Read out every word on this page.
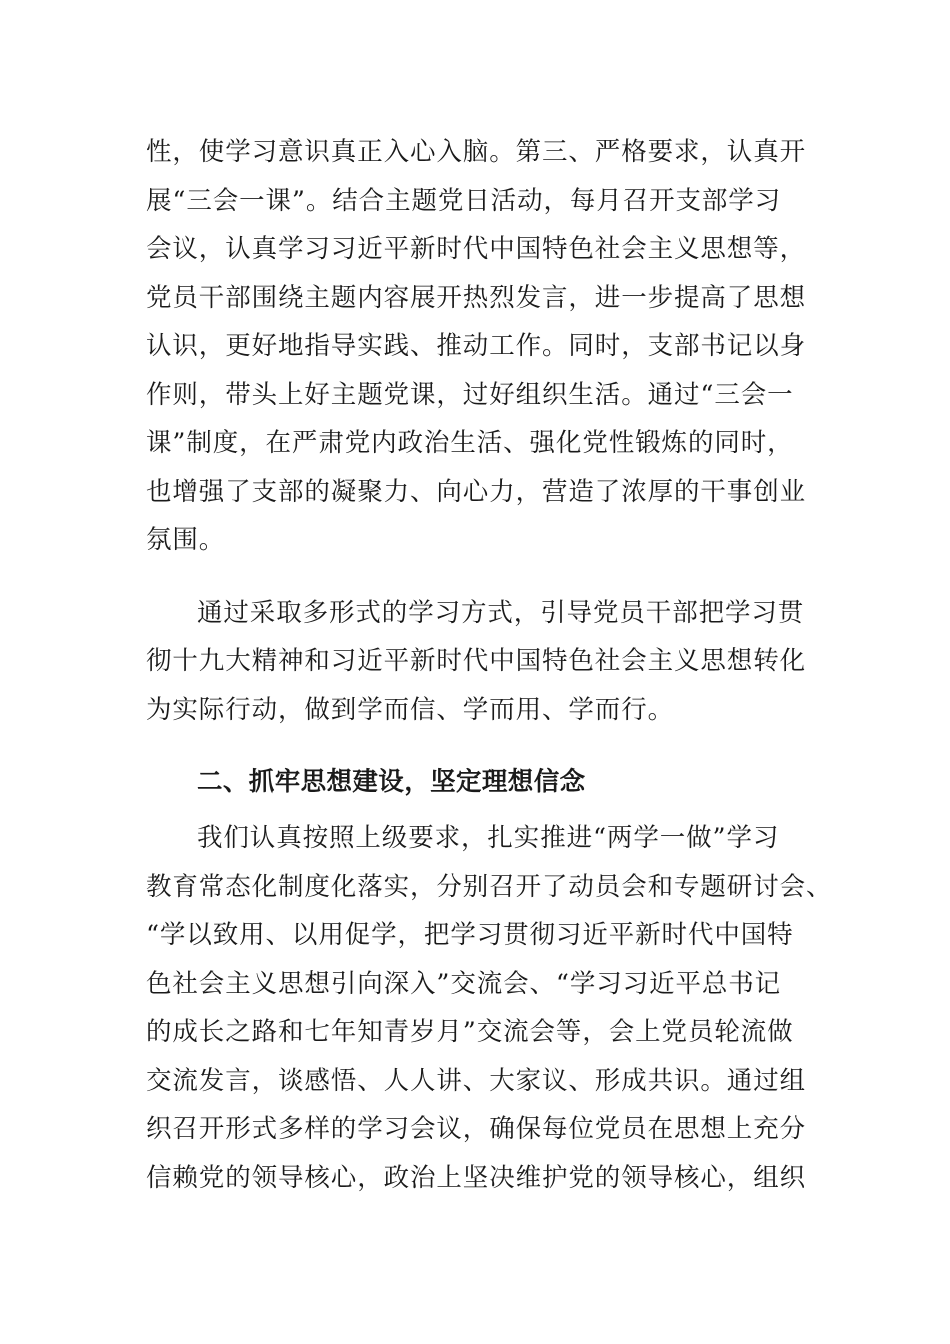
性，使学习意识真正入心入脑。第三、严格要求，认真开
展“三会一课”。结合主题党日活动，每月召开支部学习
会议，认真学习习近平新时代中国特色社会主义思想等，
党员干部围绕主题内容展开热烈发言，进一步提高了思想
认识，更好地指导实践、推动工作。同时，支部书记以身
作则，带头上好主题党课，过好组织生活。通过“三会一
课”制度，在严肃党内政治生活、强化党性锻炼的同时，
也增强了支部的凝聚力、向心力，营造了浓厚的干事创业
氛围。
通过采取多形式的学习方式，引导党员干部把学习贯
彻十九大精神和习近平新时代中国特色社会主义思想转化
为实际行动，做到学而信、学而用、学而行。
二、抓牢思想建设，坚定理想信念
我们认真按照上级要求，扎实推进“两学一做”学习
教育常态化制度化落实，分别召开了动员会和专题研讨会、
“学以致用、以用促学，把学习贯彻习近平新时代中国特
色社会主义思想引向深入”交流会、“学习习近平总书记
的成长之路和七年知青岁月”交流会等，会上党员轮流做
交流发言，谈感悟、人人讲、大家议、形成共识。通过组
织召开形式多样的学习会议，确保每位党员在思想上充分
信赖党的领导核心，政治上坚决维护党的领导核心，组织
